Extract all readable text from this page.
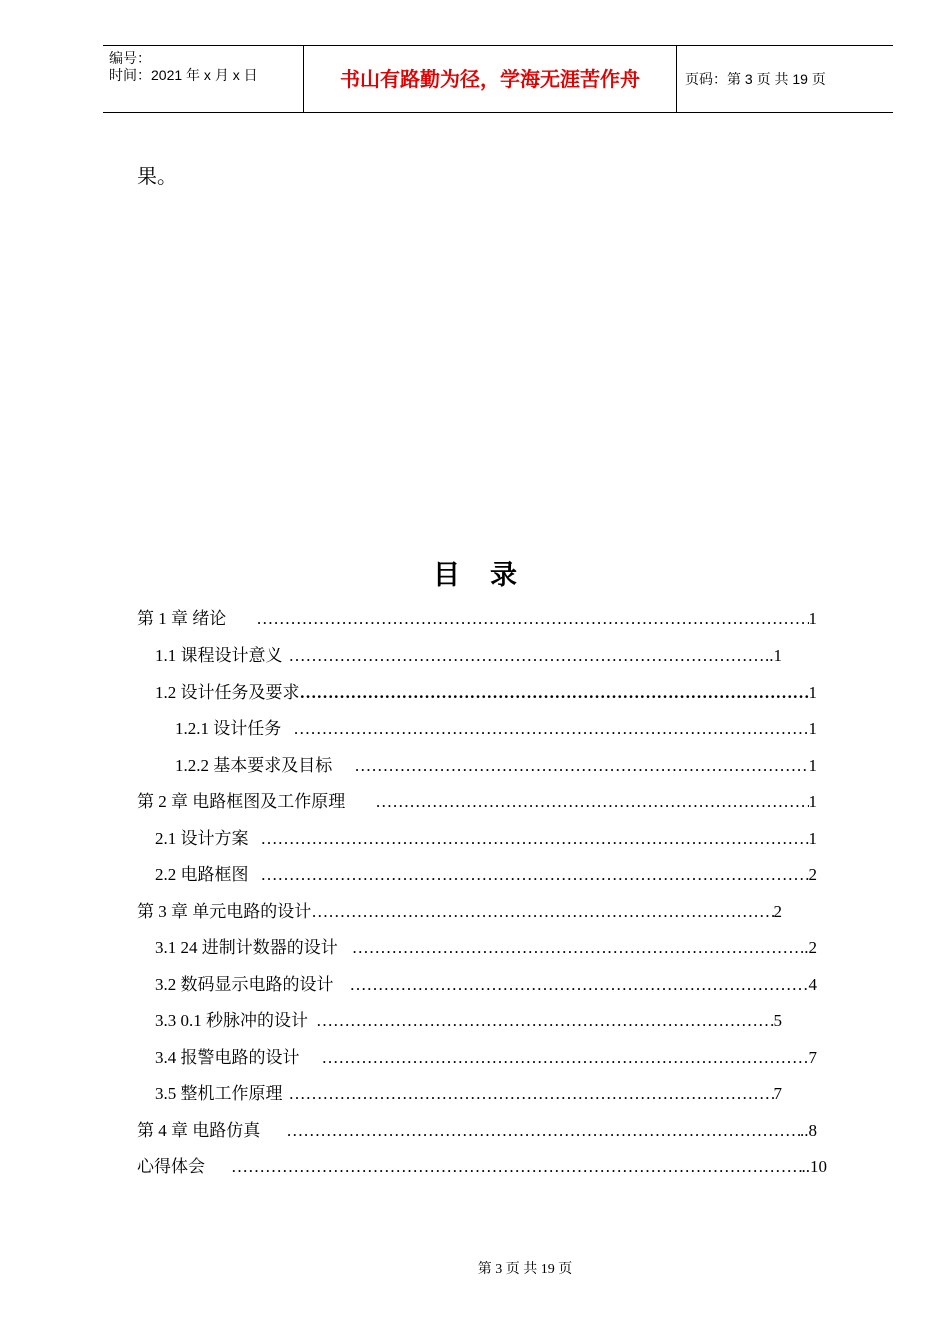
编号：
时间：2021 年 x 月 x 日	书山有路勤为径，学海无涯苦作舟	页码：第 3 页 共 19 页
果。
目录
第 1 章 绪论 …………………………………………………………………………………………………………………………………………………………………………………………	1
1.1 课程设计意义 …………………………………………………………………………………………………………………………………………………………………………………………	..1
1.2 设计任务及要求 …………………………………………………………………………………………………………………………………………………………………………………………	1
1.2.1 设计任务 …………………………………………………………………………………………………………………………………………………………………………………………	1
1.2.2 基本要求及目标 …………………………………………………………………………………………………………………………………………………………………………………………	1
第 2 章 电路框图及工作原理 …………………………………………………………………………………………………………………………………………………………………………………………	1
2.1 设计方案 …………………………………………………………………………………………………………………………………………………………………………………………	1
2.2 电路框图 …………………………………………………………………………………………………………………………………………………………………………………………	2
第 3 章 单元电路的设计 …………………………………………………………………………………………………………………………………………………………………………………………	2
3.1 24 进制计数器的设计 …………………………………………………………………………………………………………………………………………………………………………………………	..2
3.2 数码显示电路的设计 …………………………………………………………………………………………………………………………………………………………………………………………	4
3.3 0.1 秒脉冲的设计 …………………………………………………………………………………………………………………………………………………………………………………………	5
3.4 报警电路的设计 …………………………………………………………………………………………………………………………………………………………………………………………	7
3.5 整机工作原理 …………………………………………………………………………………………………………………………………………………………………………………………	7
第 4 章 电路仿真 …………………………………………………………………………………………………………………………………………………………………………………………	..8
心得体会 …………………………………………………………………………………………………………………………………………………………………………………………	..10
第 3 页 共 19 页
